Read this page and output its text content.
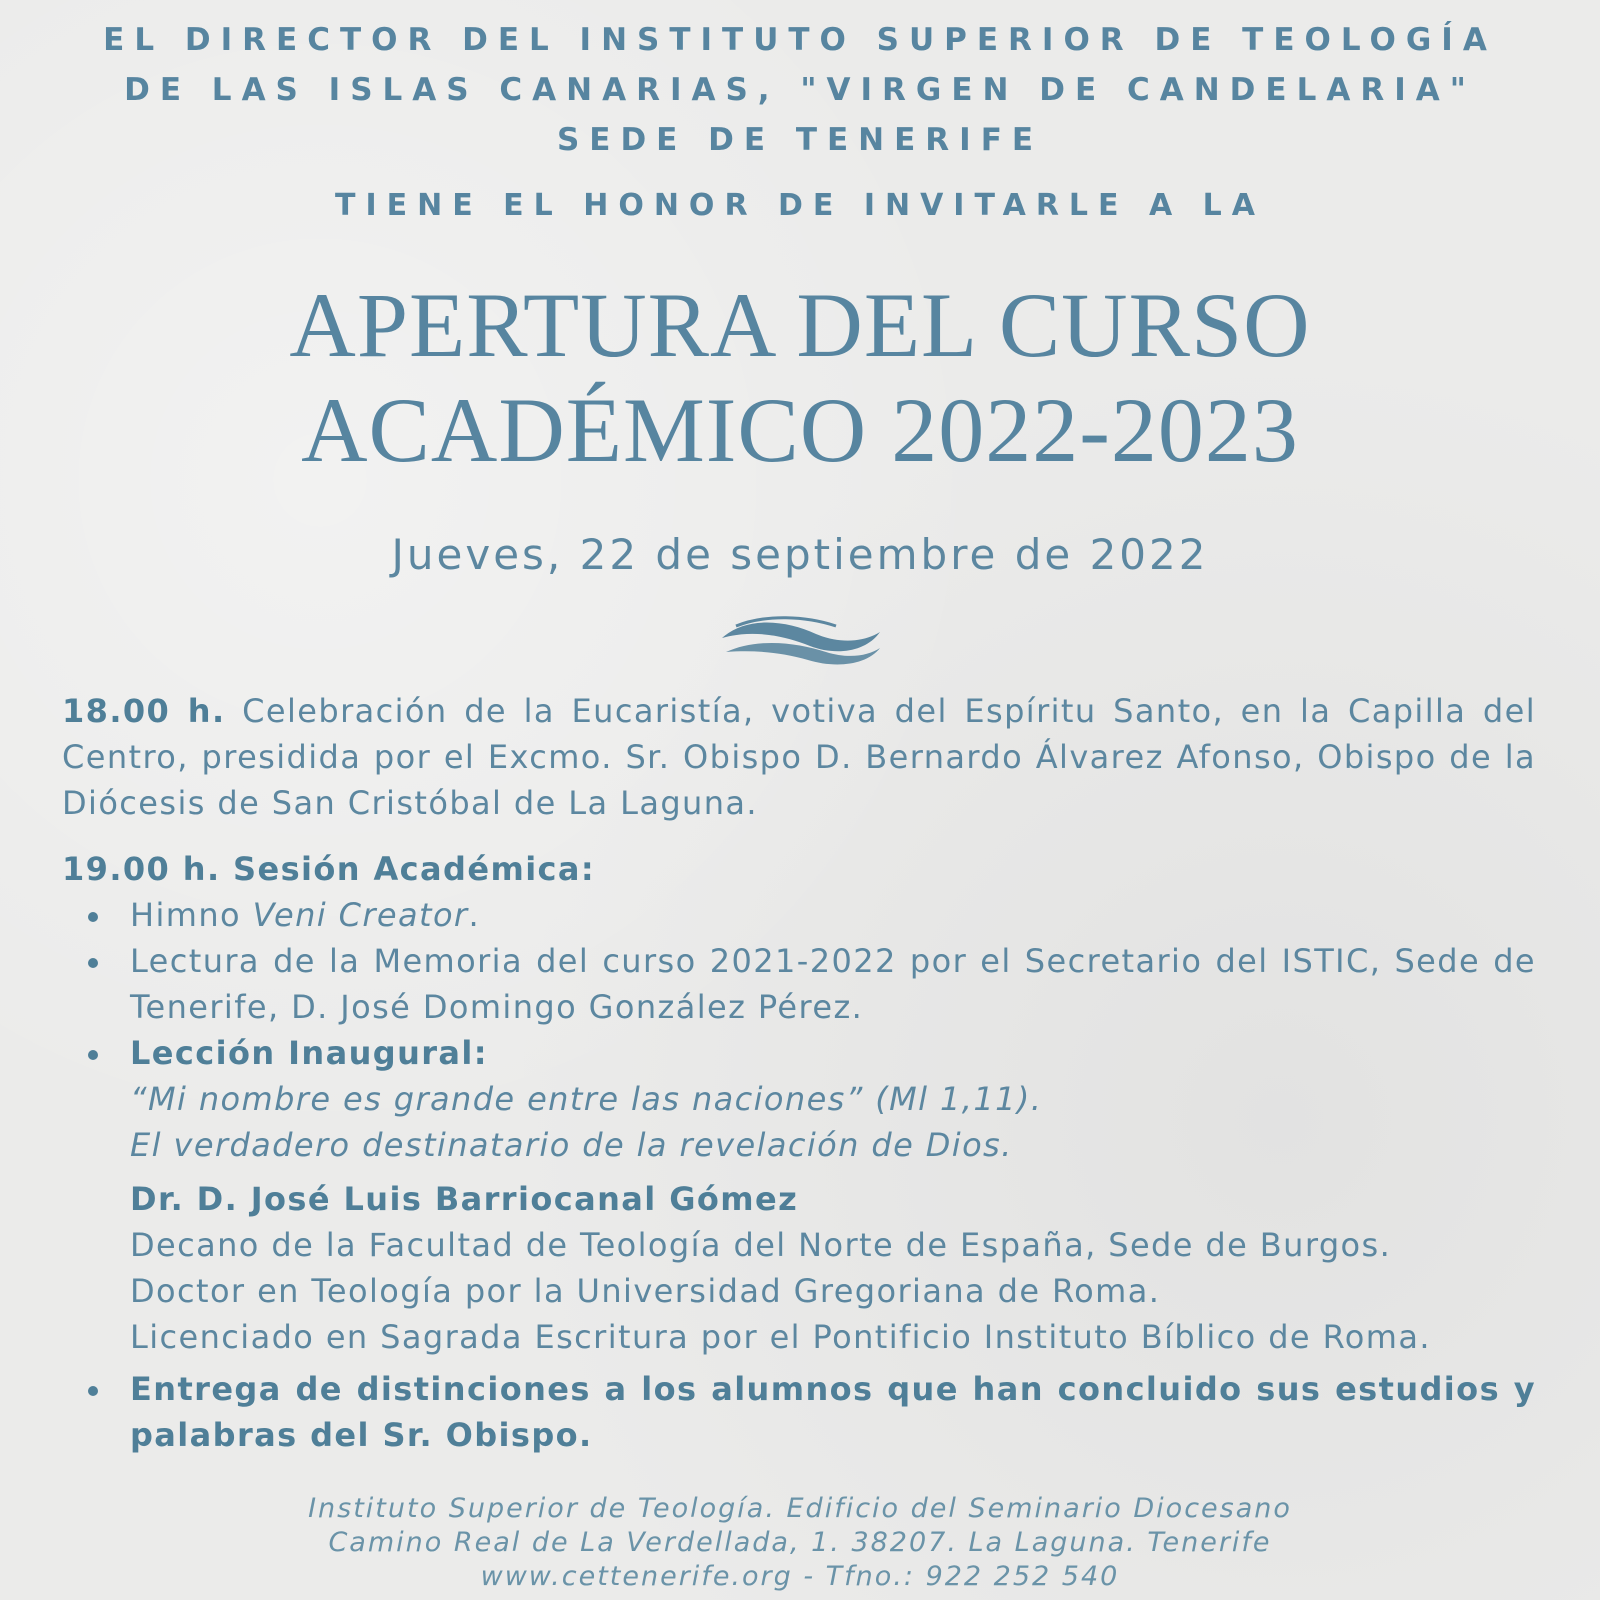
EL DIRECTOR DEL INSTITUTO SUPERIOR DE TEOLOGÍA
DE LAS ISLAS CANARIAS, "VIRGEN DE CANDELARIA"
SEDE DE TENERIFE
TIENE EL HONOR DE INVITARLE A LA
APERTURA DEL CURSO
ACADÉMICO 2022-2023
Jueves, 22 de septiembre de 2022
18.00 h. Celebración de la Eucaristía, votiva del Espíritu Santo, en la Capilla del Centro, presidida por el Excmo. Sr. Obispo D. Bernardo Álvarez Afonso, Obispo de la Diócesis de San Cristóbal de La Laguna.
19.00 h. Sesión Académica:
Himno Veni Creator.
Lectura de la Memoria del curso 2021-2022 por el Secretario del ISTIC, Sede de Tenerife, D. José Domingo González Pérez.
Lección Inaugural:
“Mi nombre es grande entre las naciones” (Ml 1,11).
El verdadero destinatario de la revelación de Dios.
Dr. D. José Luis Barriocanal Gómez
Decano de la Facultad de Teología del Norte de España, Sede de Burgos.
Doctor en Teología por la Universidad Gregoriana de Roma.
Licenciado en Sagrada Escritura por el Pontificio Instituto Bíblico de Roma.
Entrega de distinciones a los alumnos que han concluido sus estudios y palabras del Sr. Obispo.
Instituto Superior de Teología. Edificio del Seminario Diocesano
Camino Real de La Verdellada, 1. 38207. La Laguna. Tenerife
www.cettenerife.org - Tfno.: 922 252 540
